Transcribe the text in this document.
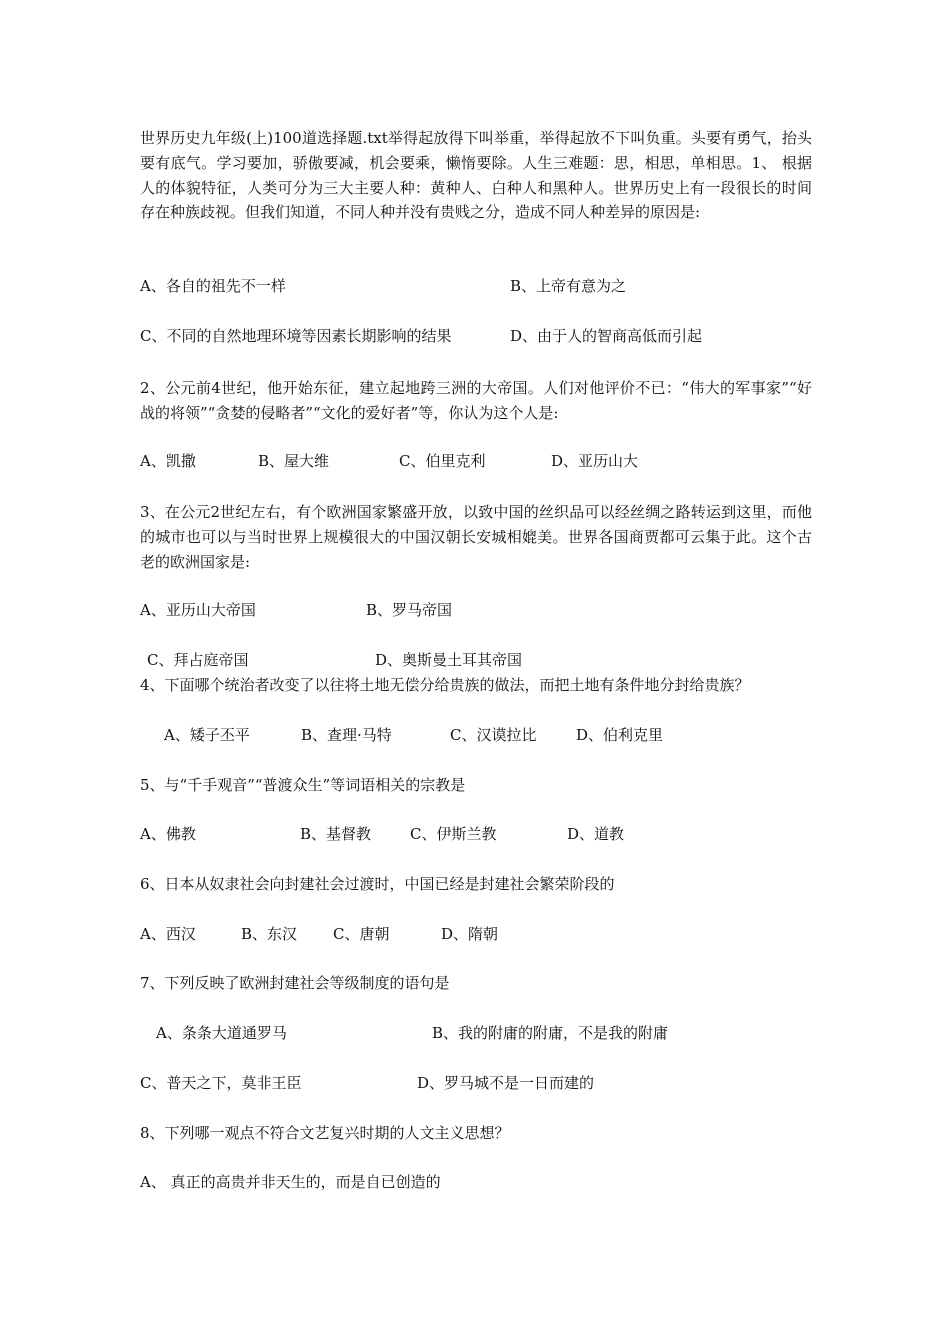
世界历史九年级(上)100道选择题.txt举得起放得下叫举重，举得起放不下叫负重。头要有勇气，抬头要有底气。学习要加，骄傲要减，机会要乘，懒惰要除。人生三难题：思，相思，单相思。1、 根据人的体貌特征，人类可分为三大主要人种：黄种人、白种人和黑种人。世界历史上有一段很长的时间存在种族歧视。但我们知道，不同人种并没有贵贱之分，造成不同人种差异的原因是:

A、各自的祖先不一样	B、上帝有意为之
C、不同的自然地理环境等因素长期影响的结果	D、由于人的智商高低而引起

2、公元前4世纪，他开始东征，建立起地跨三洲的大帝国。人们对他评价不已：“伟大的军事家”“好战的将领”“贪婪的侵略者”“文化的爱好者”等，你认为这个人是:

A、凯撒	B、屋大维	C、伯里克利	D、亚历山大

3、在公元2世纪左右，有个欧洲国家繁盛开放，以致中国的丝织品可以经丝绸之路转运到这里，而他的城市也可以与当时世界上规模很大的中国汉朝长安城相媲美。世界各国商贾都可云集于此。这个古老的欧洲国家是:

A、亚历山大帝国	B、罗马帝国
C、拜占庭帝国	D、奥斯曼土耳其帝国

4、下面哪个统治者改变了以往将土地无偿分给贵族的做法，而把土地有条件地分封给贵族？

A、矮子丕平	B、查理·马特	C、汉谟拉比	D、伯利克里

5、与“千手观音”“普渡众生”等词语相关的宗教是

A、佛教	B、基督教	C、伊斯兰教	D、道教

6、日本从奴隶社会向封建社会过渡时，中国已经是封建社会繁荣阶段的

A、西汉	B、东汉 C、唐朝	D、隋朝

7、下列反映了欧洲封建社会等级制度的语句是

A、条条大道通罗马	B、我的附庸的附庸，不是我的附庸
C、普天之下，莫非王臣	D、罗马城不是一日而建的

8、下列哪一观点不符合文艺复兴时期的人文主义思想？

A、 真正的高贵并非天生的，而是自已创造的
